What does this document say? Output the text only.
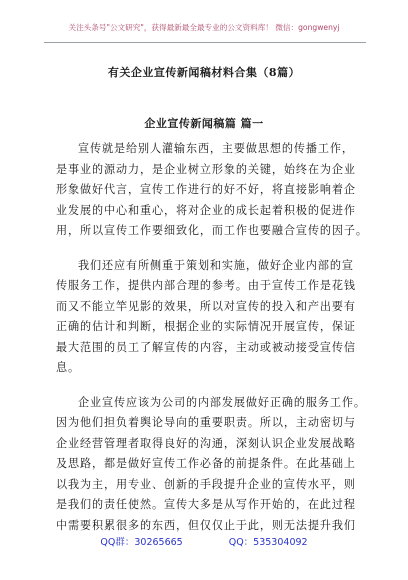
关注头条号"公文研究"，获得最新最全最专业的公文资料库！ 微信：gongwenyj
有关企业宣传新闻稿材料合集（8篇）
企业宣传新闻稿篇 篇一
宣传就是给别人灌输东西，主要做思想的传播工作，
是事业的源动力，是企业树立形象的关键，始终在为企业
形象做好代言，宣传工作进行的好不好，将直接影响着企
业发展的中心和重心，将对企业的成长起着积极的促进作
用，所以宣传工作要细致化，而工作也要融合宣传的因子。
我们还应有所侧重于策划和实施，做好企业内部的宣
传服务工作，提供内部合理的参考。由于宣传工作是花钱
而又不能立竿见影的效果，所以对宣传的投入和产出要有
正确的估计和判断，根据企业的实际情况开展宣传，保证
最大范围的员工了解宣传的内容，主动或被动接受宣传信
息。
企业宣传应该为公司的内部发展做好正确的服务工作。
因为他们担负着舆论导向的重要职责。所以，主动密切与
企业经营管理者取得良好的沟通，深刻认识企业发展战略
及思路，都是做好宣传工作必备的前提条件。在此基础上
以我为主，用专业、创新的手段提升企业的宣传水平，则
是我们的责任使然。宣传大多是从写作开始的，在此过程
中需要积累很多的东西，但仅仅止于此，则无法提升我们
QQ群：30265665	QQ：535304092
